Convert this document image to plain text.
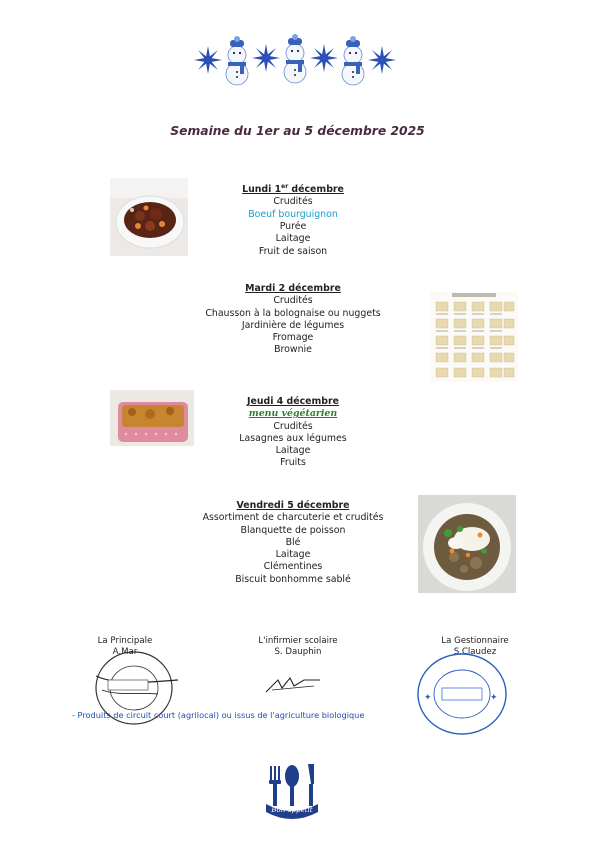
Semaine du 1er au 5 décembre 2025
Lundi 1er décembre
Crudités
Boeuf bourguignon
Purée
Laitage
Fruit de saison
Mardi 2 décembre
Crudités
Chausson à la bolognaise ou nuggets
Jardinière de légumes
Fromage
Brownie
Jeudi 4 décembre
menu végétarien
Crudités
Lasagnes aux légumes
Laitage
Fruits
Vendredi 5 décembre
Assortiment de charcuterie et crudités
Blanquette de poisson
Blé
Laitage
Clémentines
Biscuit bonhomme sablé
La Principale
A.Mar
L'infirmier scolaire
S. Dauphin
La Gestionnaire
S.Claudez
✦	✦
- Produits de circuit court (agrilocal) ou issus de l'agriculture biologique
Bon appétit
